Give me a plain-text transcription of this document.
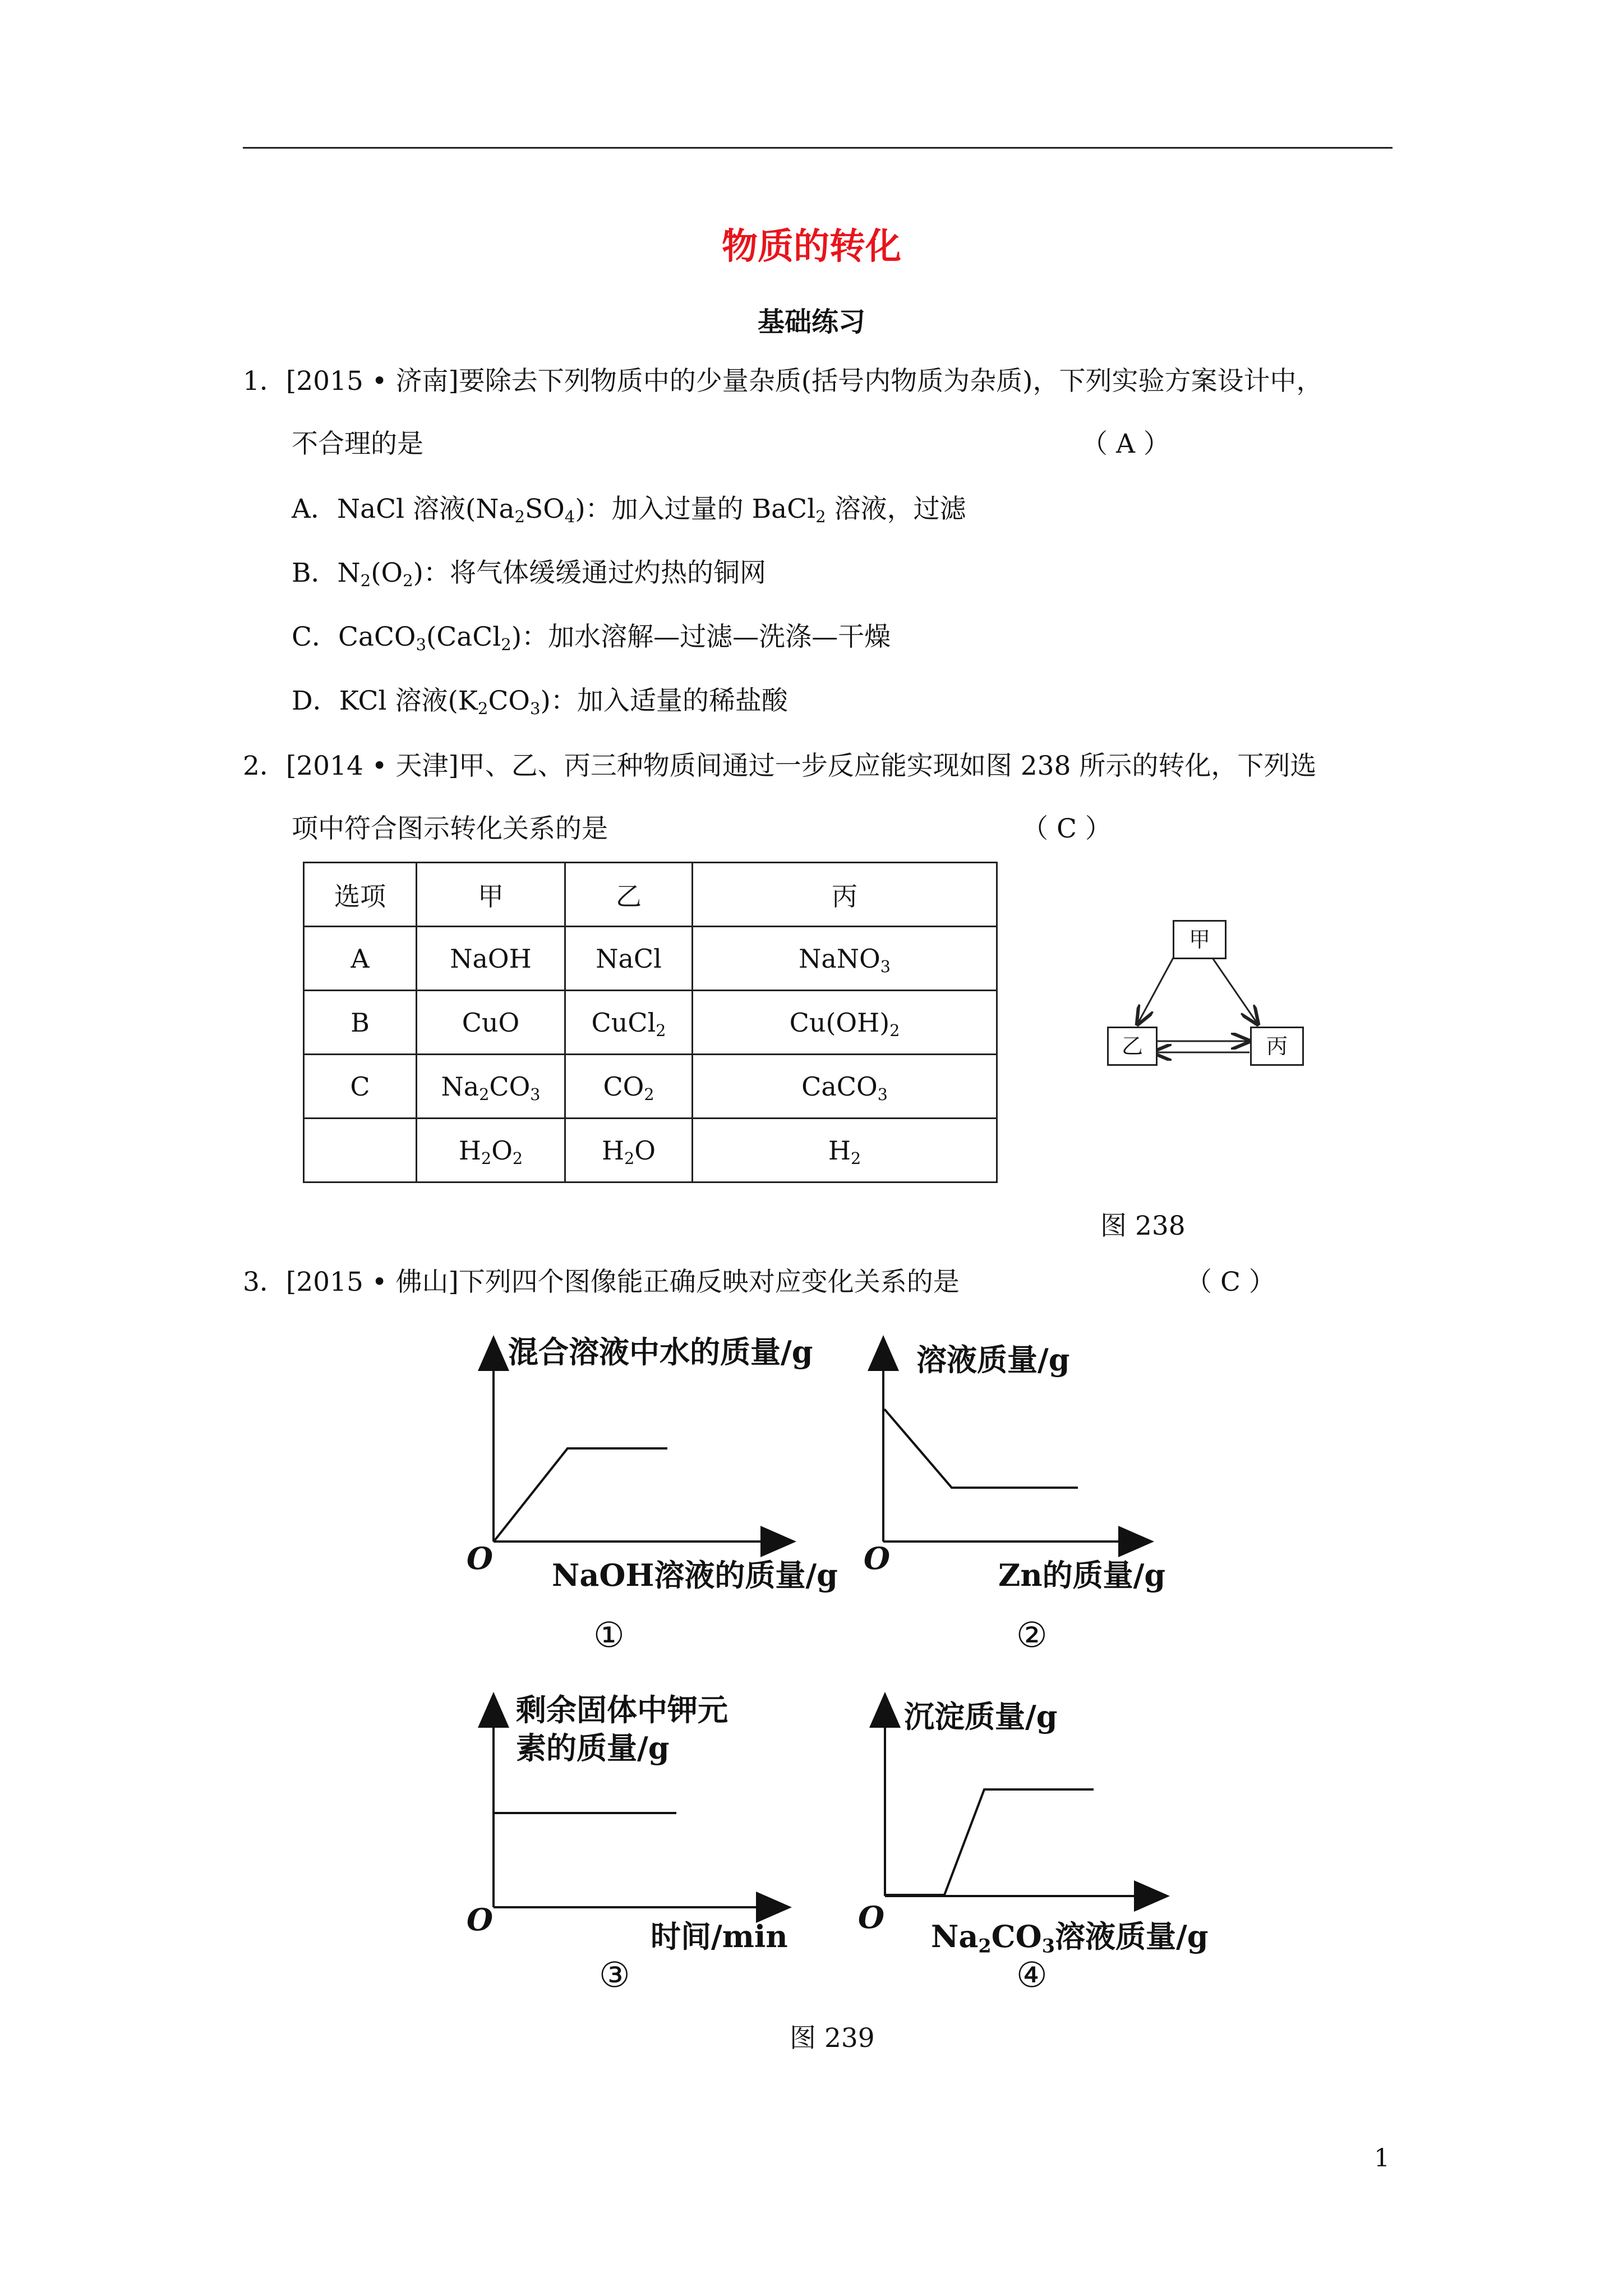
物质的转化
基础练习
1．[2015 • 济南]要除去下列物质中的少量杂质(括号内物质为杂质)，下列实验方案设计中，
不合理的是	（ A ）
A．NaCl 溶液$(Na_2SO_4)$：加入过量的 BaCl$_2$ 溶液，过滤
B．$N_2(O_2)$：将气体缓缓通过灼热的铜网
C．CaCO$_3$(CaCl$_2$)：加水溶解—过滤—洗涤—干燥
D．KCl 溶液$(K_2CO_3)$：加入适量的稀盐酸
2．[2014 • 天津]甲、乙、丙三种物质间通过一步反应能实现如图 238 所示的转化，下列选
项中符合图示转化关系的是	（ C ）
选项	甲	乙	丙
A	NaOH	NaCl	NaNO$_3$
B	CuO	CuCl$_2$	$Cu(OH)_2$
C	$Na_2CO_3$	$CO_2$	CaCO$_3$
	$H_2O_2$	$H_2O$	$H_2$
甲
乙	丙
图 238
3．[2015 • 佛山]下列四个图像能正确反映对应变化关系的是	（ C ）
混合溶液中水的质量/g
O NaOH溶液的质量/g
①
溶液质量/g
O	Zn的质量/g
②
剩余固体中钾元
素的质量/g
O	时间/min
③
沉淀质量/g
O
$Na_2CO_3$溶液质量/g
④
图 239
1
